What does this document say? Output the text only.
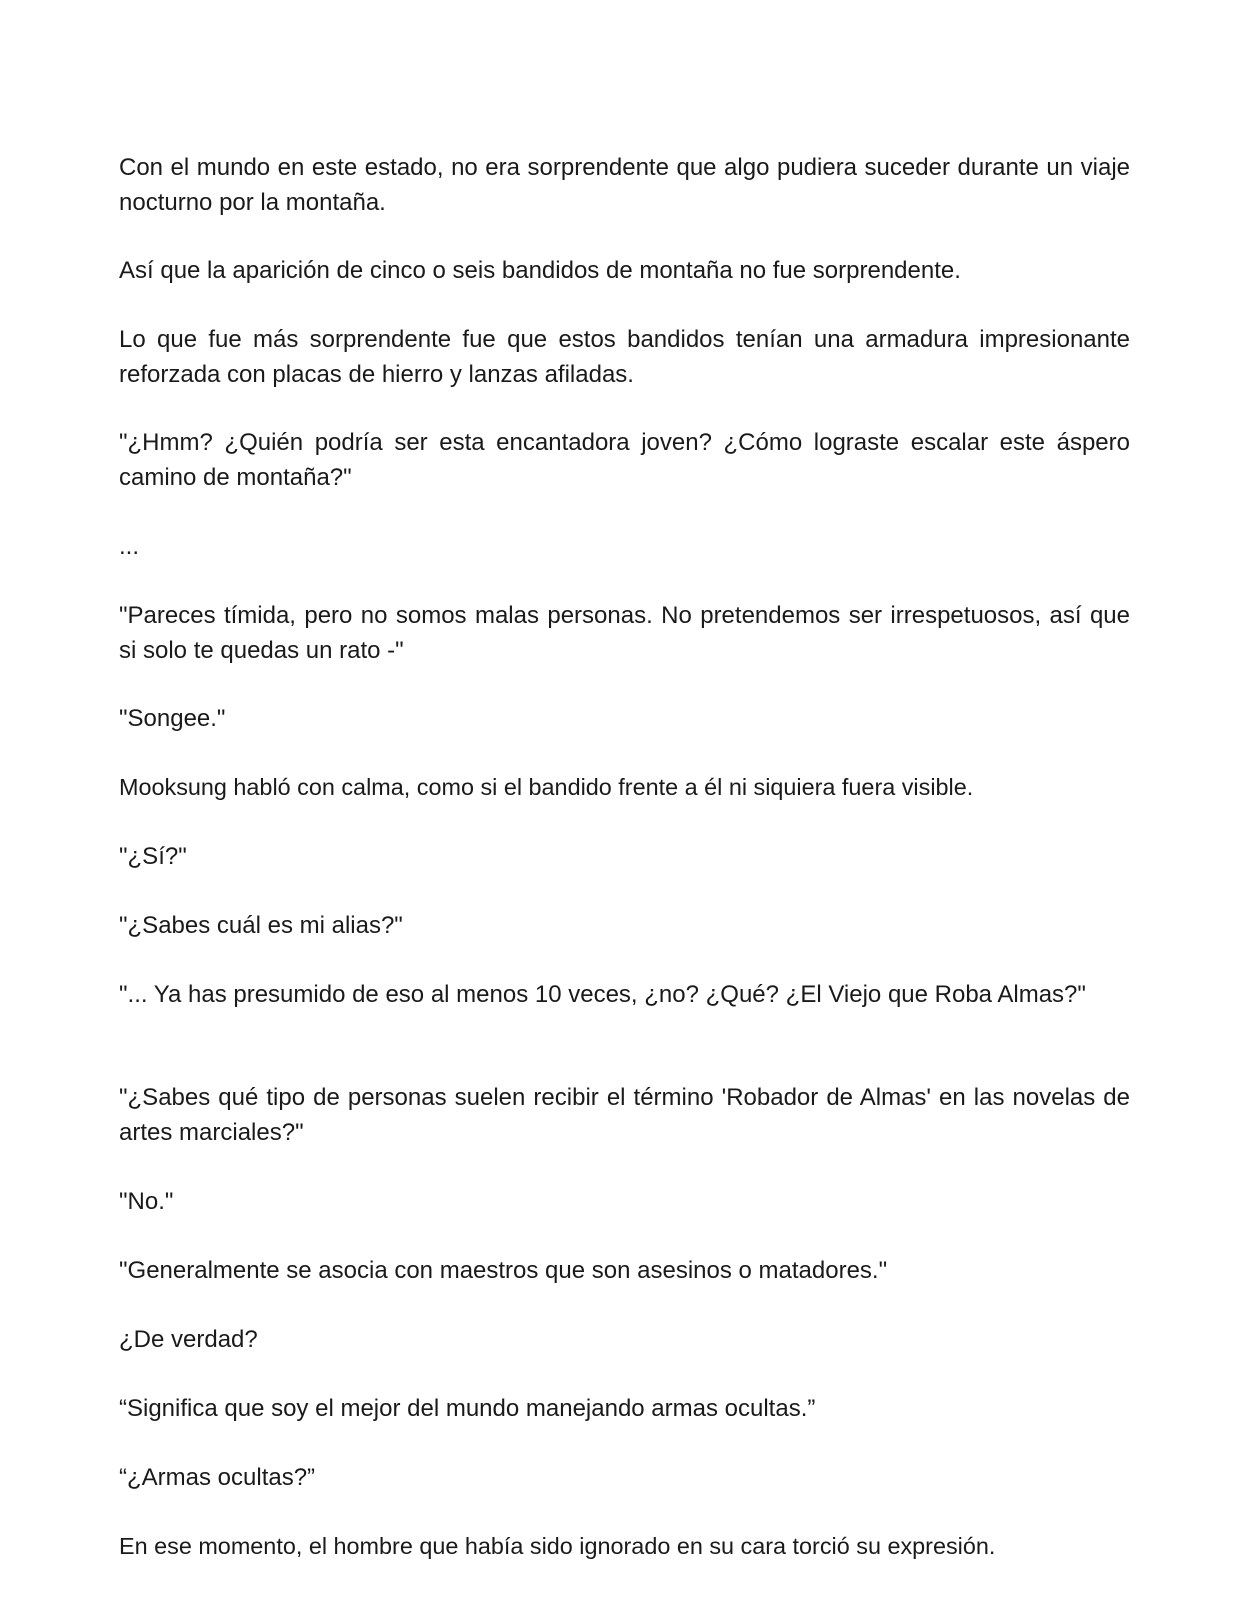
Con el mundo en este estado, no era sorprendente que algo pudiera suceder durante un viaje nocturno por la montaña.

Así que la aparición de cinco o seis bandidos de montaña no fue sorprendente.

Lo que fue más sorprendente fue que estos bandidos tenían una armadura impresionante reforzada con placas de hierro y lanzas afiladas.

"¿Hmm? ¿Quién podría ser esta encantadora joven? ¿Cómo lograste escalar este áspero camino de montaña?"

...

"Pareces tímida, pero no somos malas personas. No pretendemos ser irrespetuosos, así que si solo te quedas un rato -"

"Songee."

Mooksung habló con calma, como si el bandido frente a él ni siquiera fuera visible.

"¿Sí?"

"¿Sabes cuál es mi alias?"

"... Ya has presumido de eso al menos 10 veces, ¿no? ¿Qué? ¿El Viejo que Roba Almas?"

"¿Sabes qué tipo de personas suelen recibir el término 'Robador de Almas' en las novelas de artes marciales?"

"No."

"Generalmente se asocia con maestros que son asesinos o matadores."

¿De verdad?

“Significa que soy el mejor del mundo manejando armas ocultas.”

“¿Armas ocultas?”

En ese momento, el hombre que había sido ignorado en su cara torció su expresión.
